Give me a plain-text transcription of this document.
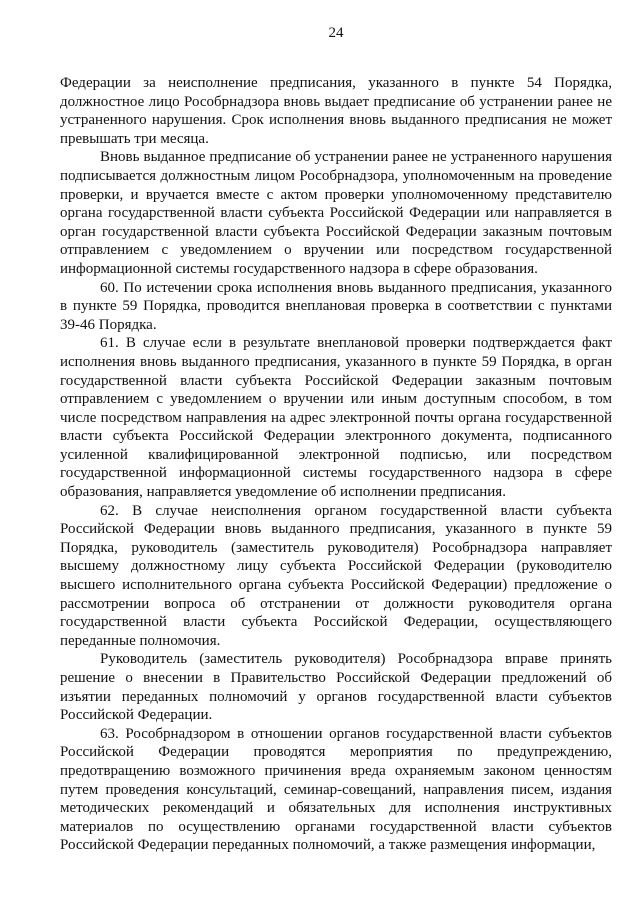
24

Федерации за неисполнение предписания, указанного в пункте 54 Порядка, должностное лицо Рособрнадзора вновь выдает предписание об устранении ранее не устраненного нарушения. Срок исполнения вновь выданного предписания не может превышать три месяца.

Вновь выданное предписание об устранении ранее не устраненного нарушения подписывается должностным лицом Рособрнадзора, уполномоченным на проведение проверки, и вручается вместе с актом проверки уполномоченному представителю органа государственной власти субъекта Российской Федерации или направляется в орган государственной власти субъекта Российской Федерации заказным почтовым отправлением с уведомлением о вручении или посредством государственной информационной системы государственного надзора в сфере образования.

60. По истечении срока исполнения вновь выданного предписания, указанного в пункте 59 Порядка, проводится внеплановая проверка в соответствии с пунктами 39-46 Порядка.

61. В случае если в результате внеплановой проверки подтверждается факт исполнения вновь выданного предписания, указанного в пункте 59 Порядка, в орган государственной власти субъекта Российской Федерации заказным почтовым отправлением с уведомлением о вручении или иным доступным способом, в том числе посредством направления на адрес электронной почты органа государственной власти субъекта Российской Федерации электронного документа, подписанного усиленной квалифицированной электронной подписью, или посредством государственной информационной системы государственного надзора в сфере образования, направляется уведомление об исполнении предписания.

62. В случае неисполнения органом государственной власти субъекта Российской Федерации вновь выданного предписания, указанного в пункте 59 Порядка, руководитель (заместитель руководителя) Рособрнадзора направляет высшему должностному лицу субъекта Российской Федерации (руководителю высшего исполнительного органа субъекта Российской Федерации) предложение о рассмотрении вопроса об отстранении от должности руководителя органа государственной власти субъекта Российской Федерации, осуществляющего переданные полномочия.

Руководитель (заместитель руководителя) Рособрнадзора вправе принять решение о внесении в Правительство Российской Федерации предложений об изъятии переданных полномочий у органов государственной власти субъектов Российской Федерации.

63. Рособрнадзором в отношении органов государственной власти субъектов Российской Федерации проводятся мероприятия по предупреждению, предотвращению возможного причинения вреда охраняемым законом ценностям путем проведения консультаций, семинар-совещаний, направления писем, издания методических рекомендаций и обязательных для исполнения инструктивных материалов по осуществлению органами государственной власти субъектов Российской Федерации переданных полномочий, а также размещения информации,
